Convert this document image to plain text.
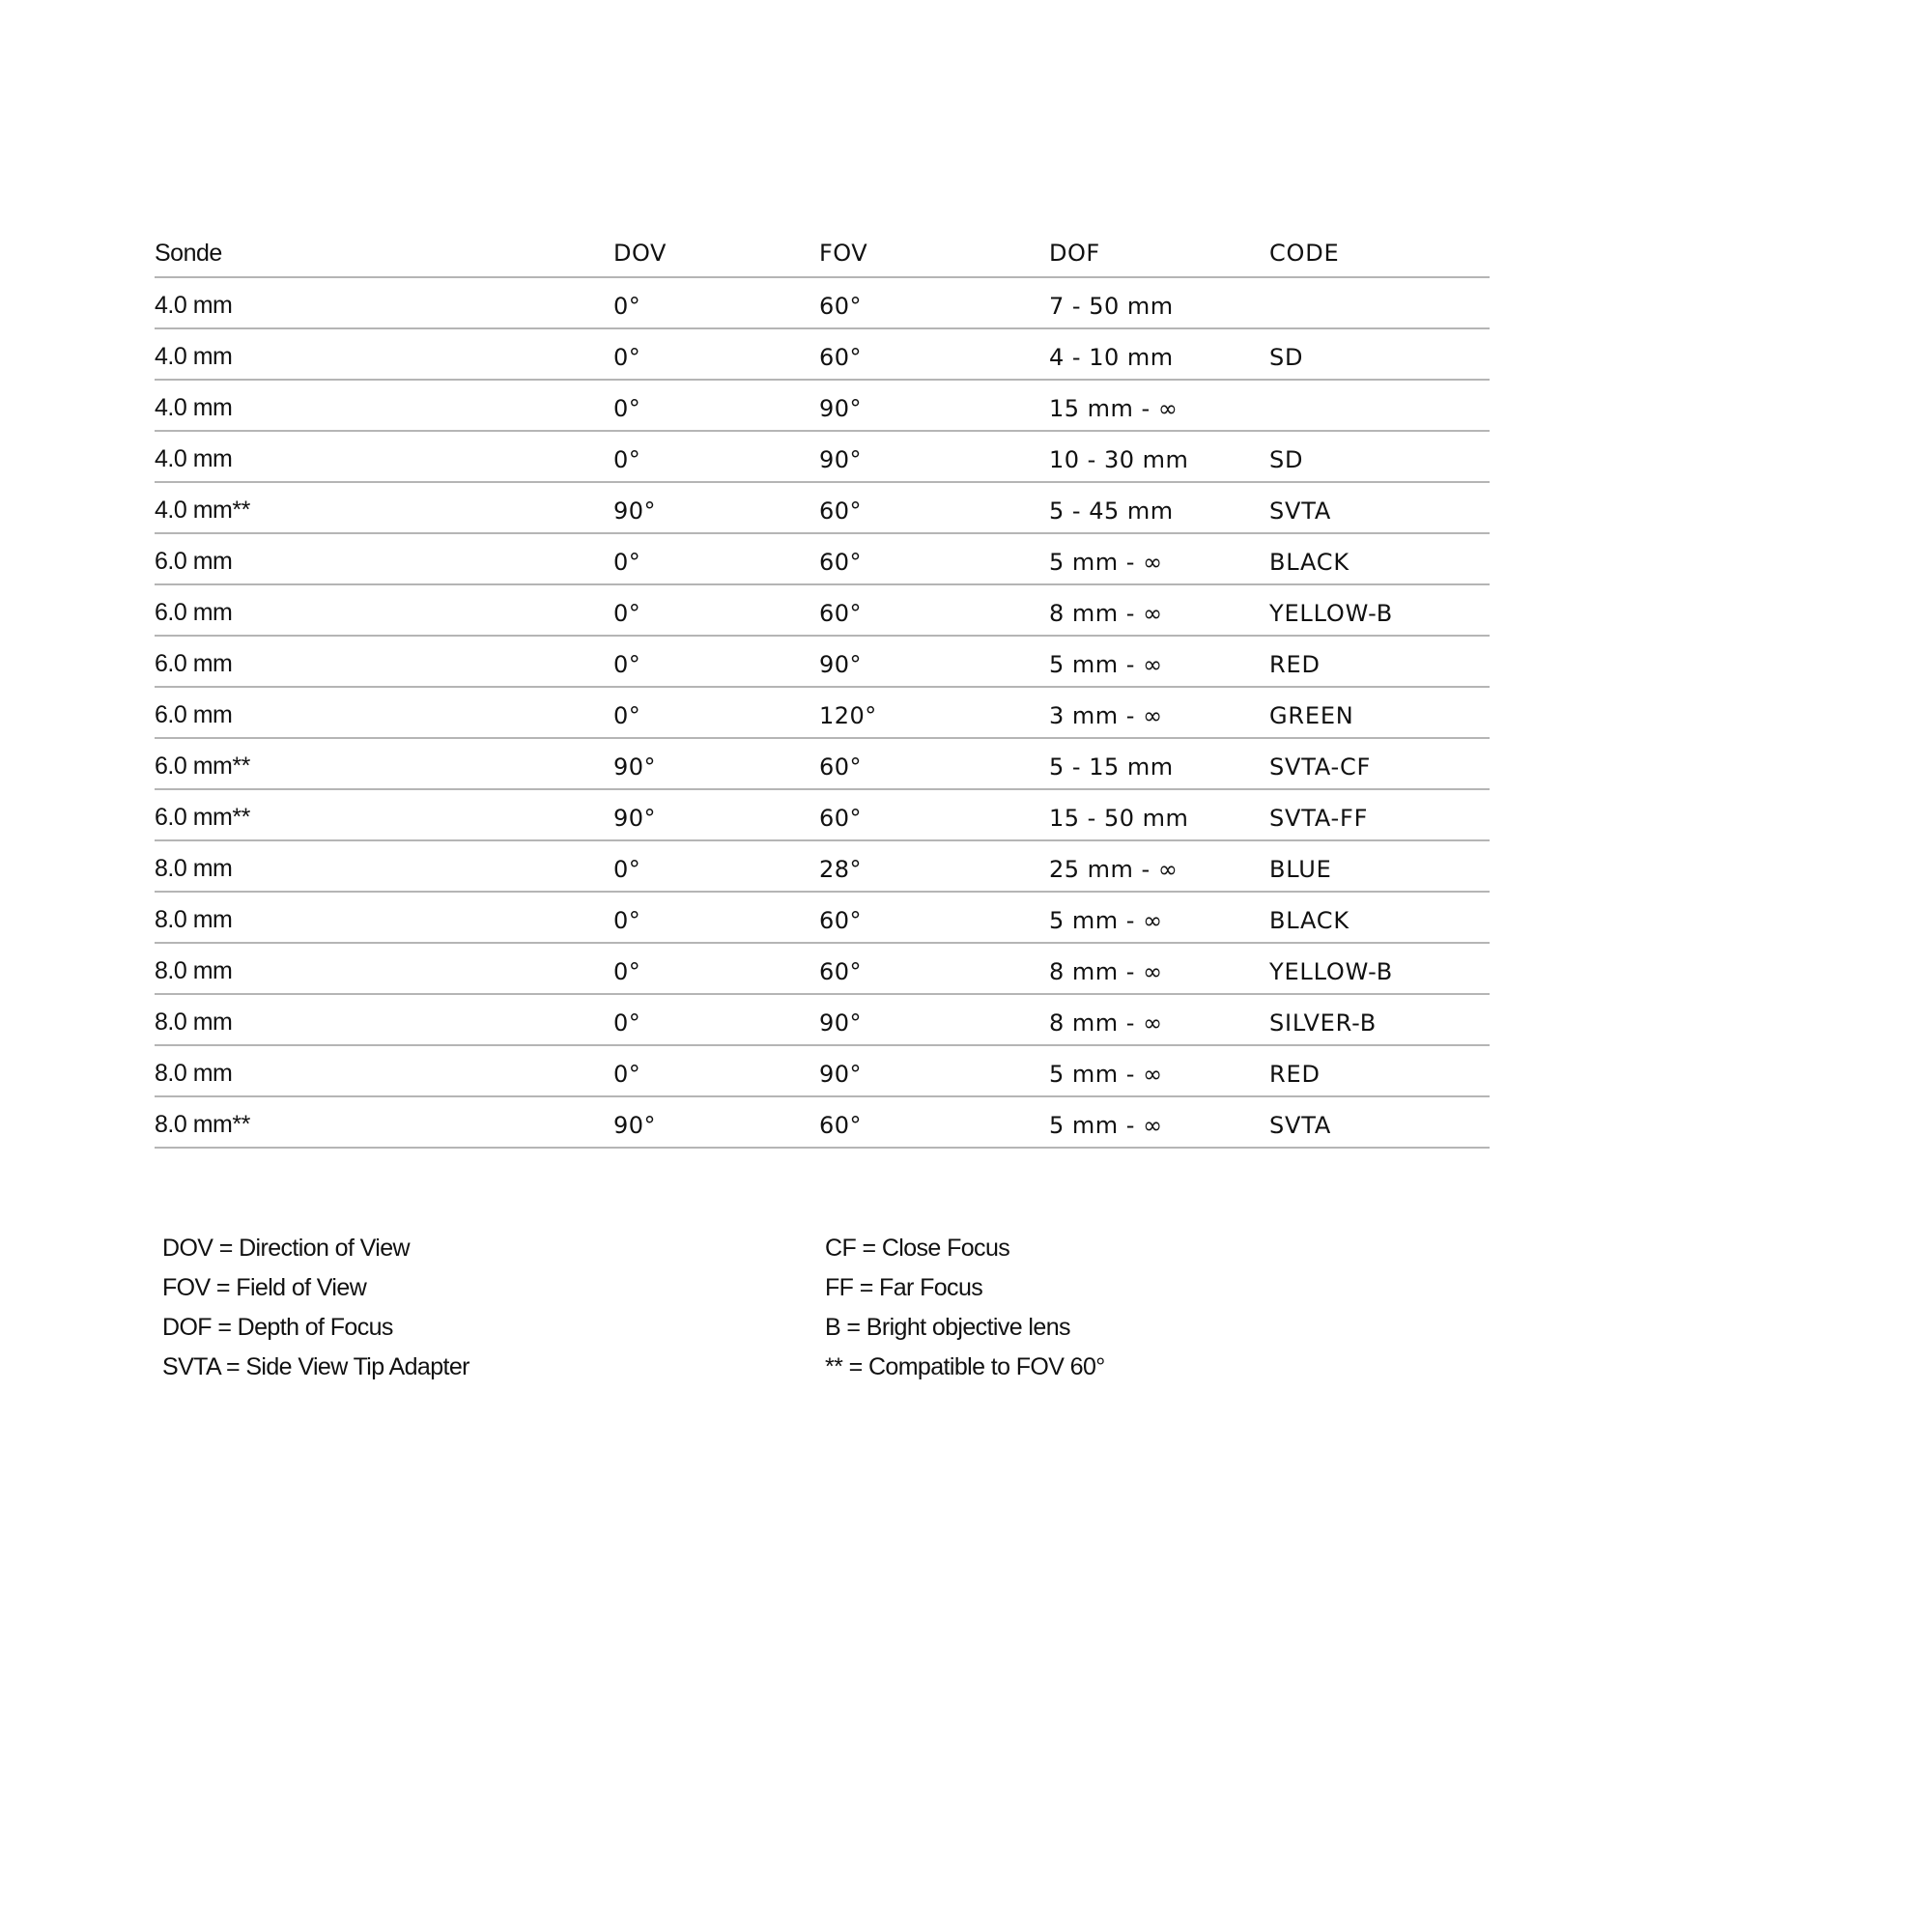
Sonde	DOV	FOV	DOF	CODE
4.0 mm	0°	60°	7 - 50 mm
4.0 mm	0°	60°	4 - 10 mm	SD
4.0 mm	0°	90°	15 mm - ∞
4.0 mm	0°	90°	10 - 30 mm	SD
4.0 mm**	90°	60°	5 - 45 mm	SVTA
6.0 mm	0°	60°	5 mm - ∞	BLACK
6.0 mm	0°	60°	8 mm - ∞	YELLOW-B
6.0 mm	0°	90°	5 mm - ∞	RED
6.0 mm	0°	120°	3 mm - ∞	GREEN
6.0 mm**	90°	60°	5 - 15 mm	SVTA-CF
6.0 mm**	90°	60°	15 - 50 mm	SVTA-FF
8.0 mm	0°	28°	25 mm - ∞	BLUE
8.0 mm	0°	60°	5 mm - ∞	BLACK
8.0 mm	0°	60°	8 mm - ∞	YELLOW-B
8.0 mm	0°	90°	8 mm - ∞	SILVER-B
8.0 mm	0°	90°	5 mm - ∞	RED
8.0 mm**	90°	60°	5 mm - ∞	SVTA
DOV = Direction of View
FOV = Field of View
DOF = Depth of Focus
SVTA = Side View Tip Adapter
CF = Close Focus
FF = Far Focus
B = Bright objective lens
** = Compatible to FOV 60°
